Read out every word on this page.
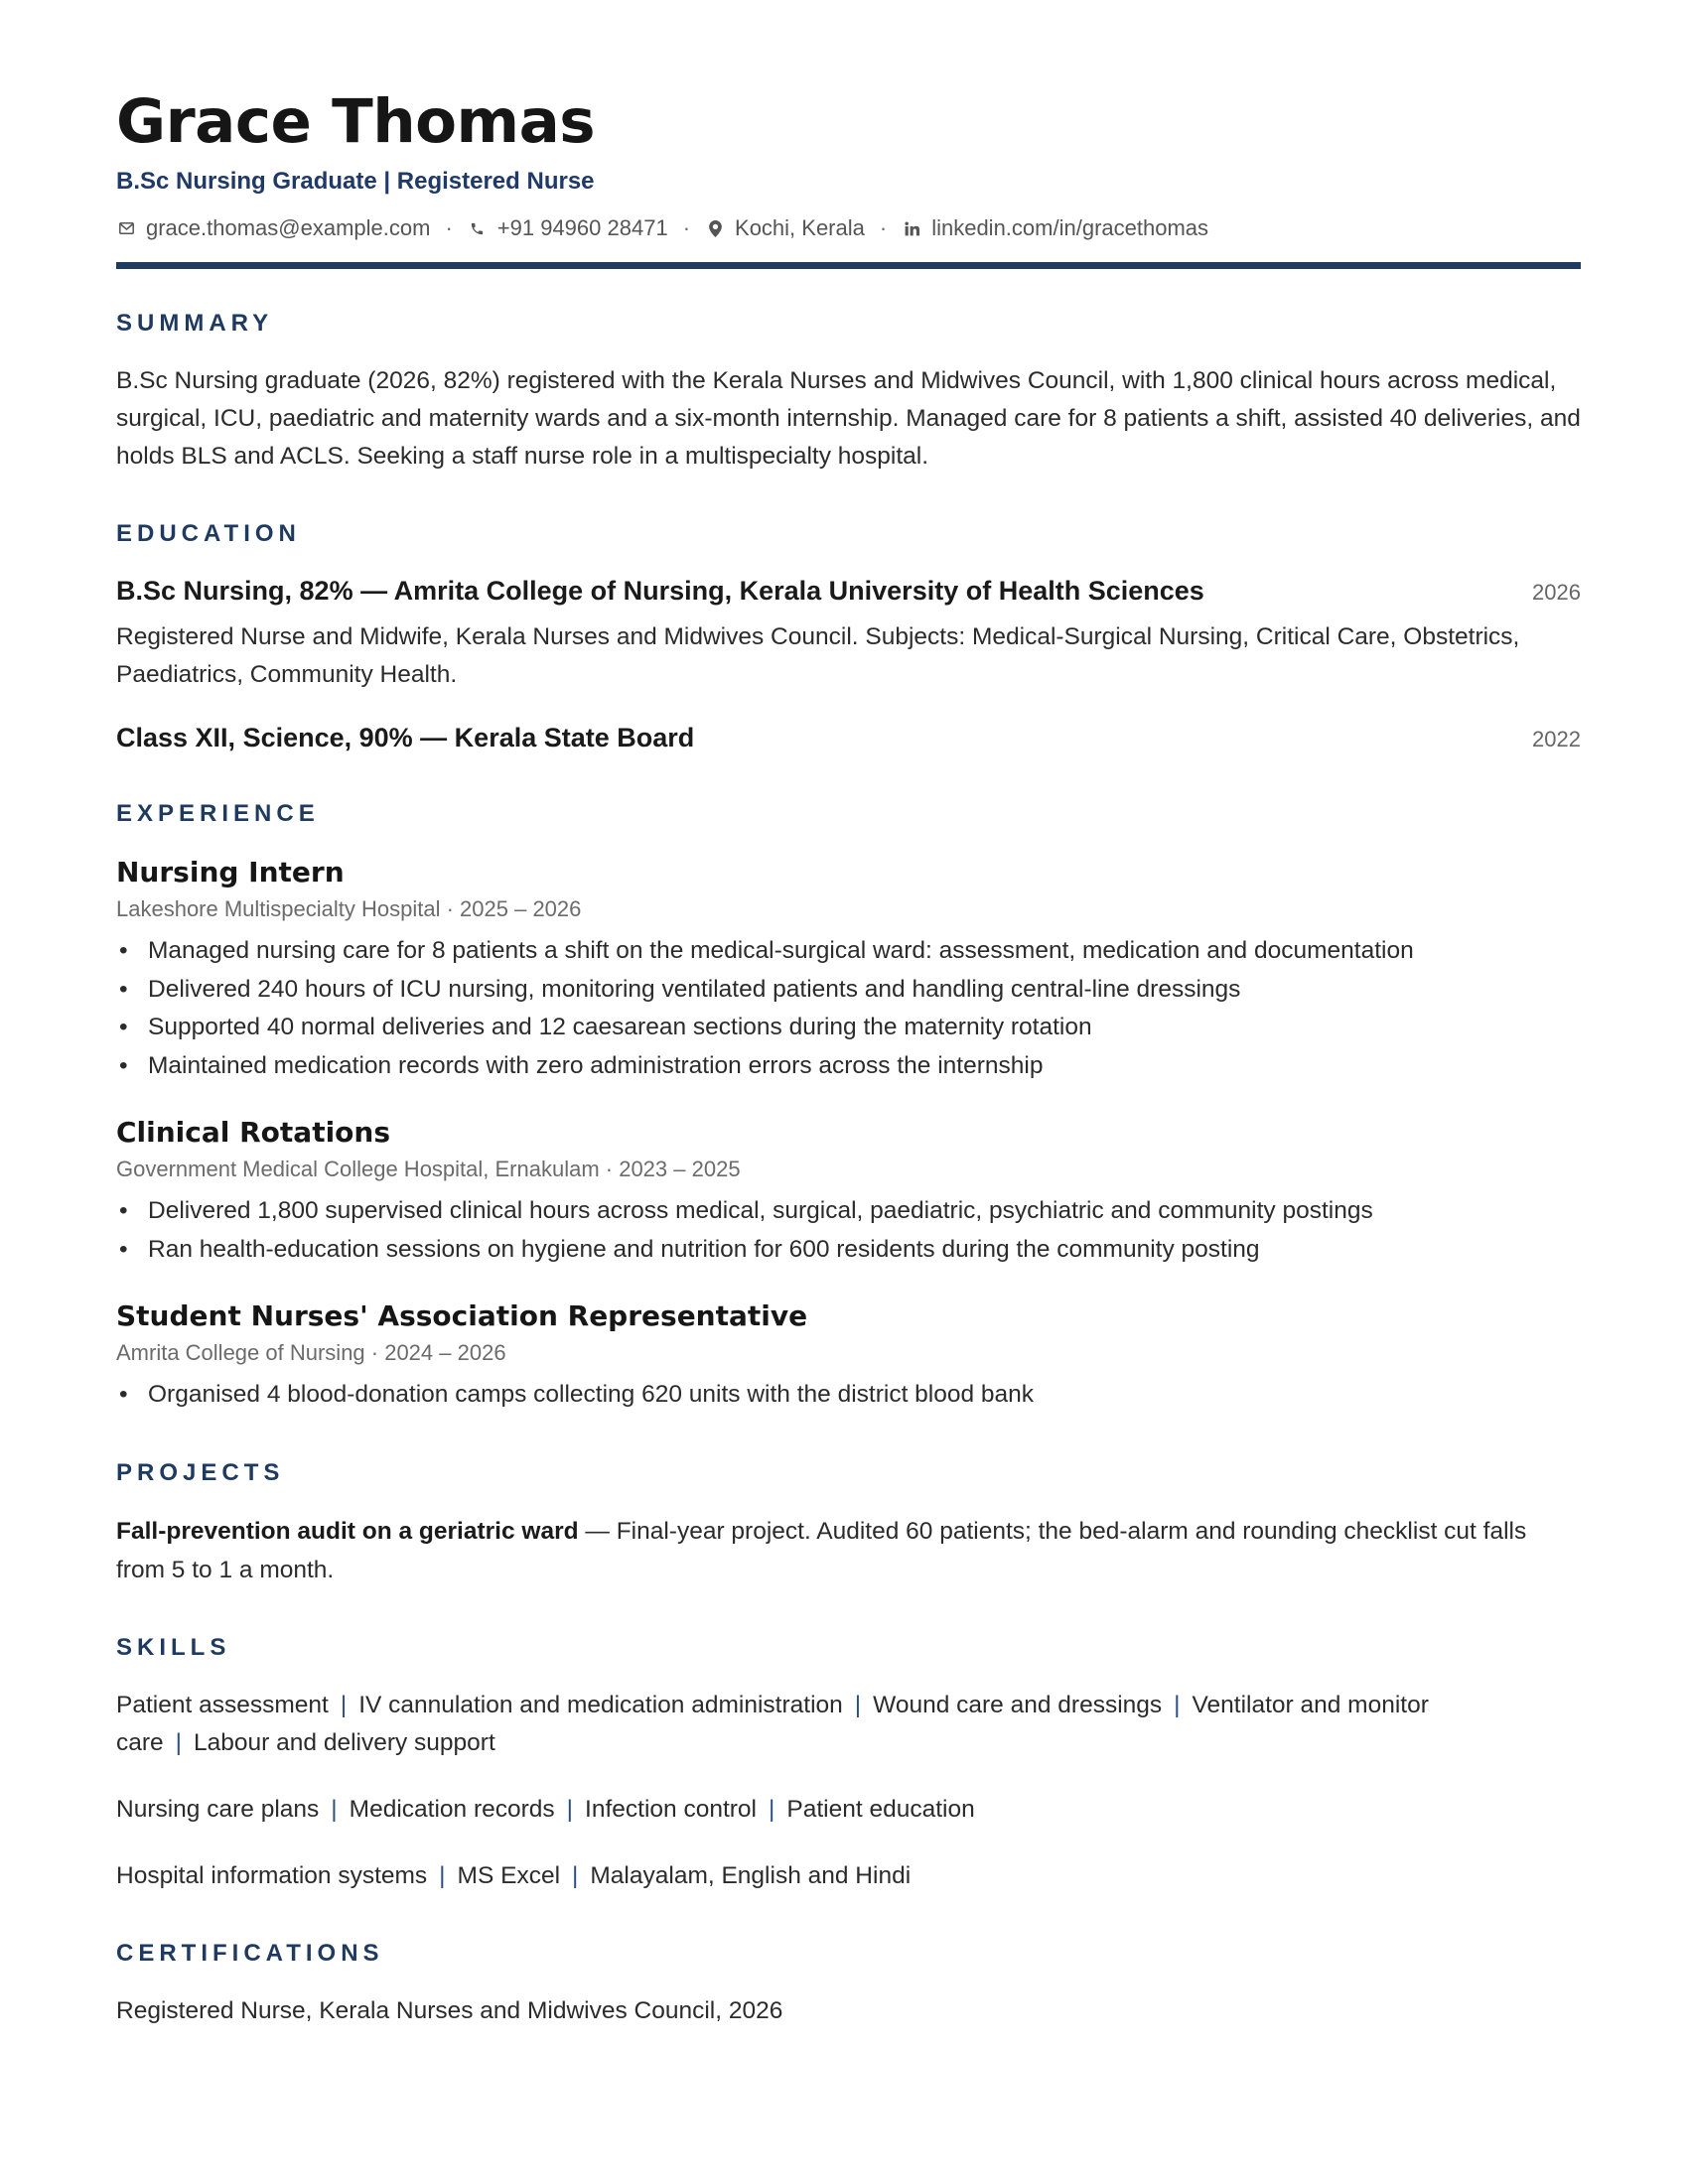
Grace Thomas
B.Sc Nursing Graduate | Registered Nurse
grace.thomas@example.com · +91 94960 28471 · Kochi, Kerala · linkedin.com/in/gracethomas
SUMMARY

B.Sc Nursing graduate (2026, 82%) registered with the Kerala Nurses and Midwives Council, with 1,800 clinical hours across medical, surgical, ICU, paediatric and maternity wards and a six-month internship. Managed care for 8 patients a shift, assisted 40 deliveries, and holds BLS and ACLS. Seeking a staff nurse role in a multispecialty hospital.

EDUCATION
B.Sc Nursing, 82% — Amrita College of Nursing, Kerala University of Health Sciences	2026
Registered Nurse and Midwife, Kerala Nurses and Midwives Council. Subjects: Medical-Surgical Nursing, Critical Care, Obstetrics, Paediatrics, Community Health.
Class XII, Science, 90% — Kerala State Board	2022
EXPERIENCE
Nursing Intern
Lakeshore Multispecialty Hospital · 2025 – 2026
• Managed nursing care for 8 patients a shift on the medical-surgical ward: assessment, medication and documentation
• Delivered 240 hours of ICU nursing, monitoring ventilated patients and handling central-line dressings
• Supported 40 normal deliveries and 12 caesarean sections during the maternity rotation
• Maintained medication records with zero administration errors across the internship
Clinical Rotations
Government Medical College Hospital, Ernakulam · 2023 – 2025
• Delivered 1,800 supervised clinical hours across medical, surgical, paediatric, psychiatric and community postings
• Ran health-education sessions on hygiene and nutrition for 600 residents during the community posting
Student Nurses' Association Representative
Amrita College of Nursing · 2024 – 2026
• Organised 4 blood-donation camps collecting 620 units with the district blood bank
PROJECTS
Fall-prevention audit on a geriatric ward — Final-year project. Audited 60 patients; the bed-alarm and rounding checklist cut falls from 5 to 1 a month.
SKILLS
Patient assessment | IV cannulation and medication administration | Wound care and dressings | Ventilator and monitor care | Labour and delivery support
Nursing care plans | Medication records | Infection control | Patient education
Hospital information systems | MS Excel | Malayalam, English and Hindi
CERTIFICATIONS
Registered Nurse, Kerala Nurses and Midwives Council, 2026
